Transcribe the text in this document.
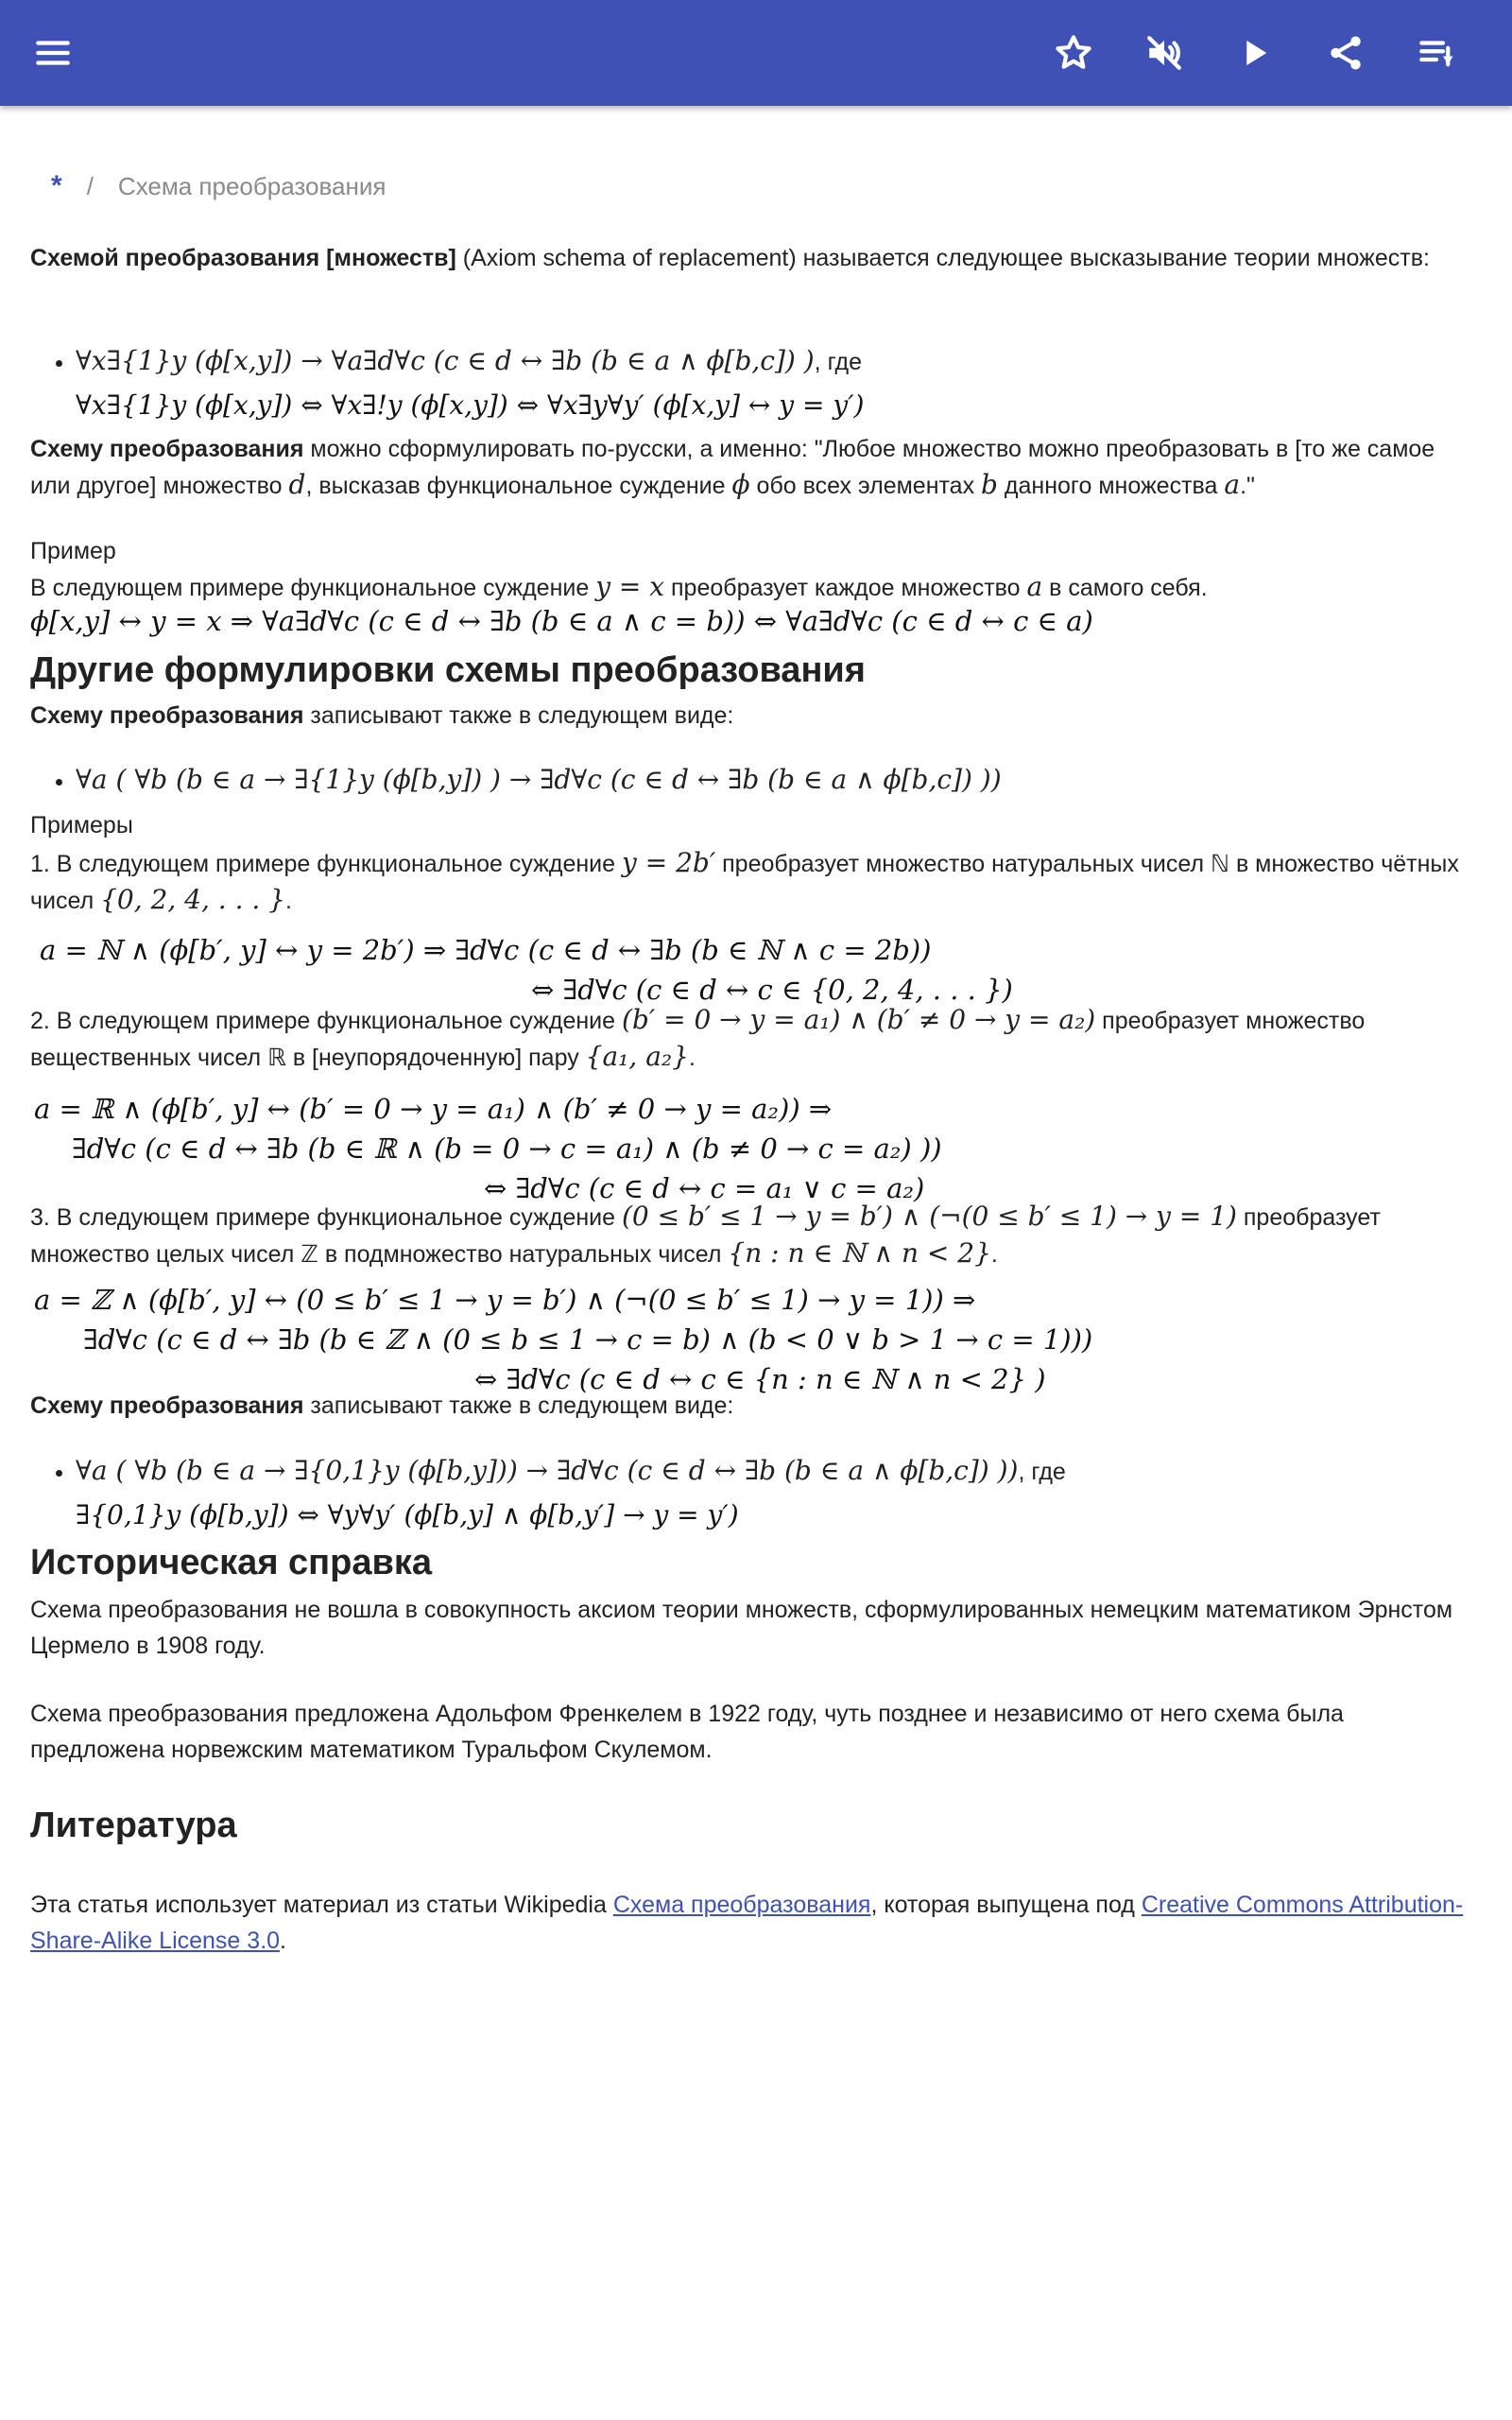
* / Схема преобразования

Схемой преобразования [множеств] (Axiom schema of replacement) называется следующее высказывание теории множеств:

• ∀x∃{1}y (ϕ[x,y]) → ∀a∃d∀c (c ∈ d ↔ ∃b (b ∈ a ∧ ϕ[b,c]) ), где
∀x∃{1}y (ϕ[x,y]) ⇔ ∀x∃!y (ϕ[x,y]) ⇔ ∀x∃y∀y′ (ϕ[x,y] ↔ y = y′)

Схему преобразования можно сформулировать по-русски, а именно: "Любое множество можно преобразовать в [то же самое или другое] множество d, высказав функциональное суждение ϕ обо всех элементах b данного множества a."

Пример

В следующем примере функциональное суждение y = x преобразует каждое множество a в самого себя.

ϕ[x,y] ↔ y = x ⇒ ∀a∃d∀c (c ∈ d ↔ ∃b (b ∈ a ∧ c = b)) ⇔ ∀a∃d∀c (c ∈ d ↔ c ∈ a)
Другие формулировки схемы преобразования

Схему преобразования записывают также в следующем виде:

• ∀a ( ∀b (b ∈ a → ∃{1}y (ϕ[b,y]) ) → ∃d∀c (c ∈ d ↔ ∃b (b ∈ a ∧ ϕ[b,c]) ))

Примеры

1. В следующем примере функциональное суждение y = 2b′ преобразует множество натуральных чисел ℕ в множество чётных чисел {0, 2, 4, . . . }.

a = ℕ ∧ (ϕ[b′, y] ↔ y = 2b′) ⇒ ∃d∀c (c ∈ d ↔ ∃b (b ∈ ℕ ∧ c = 2b))
⇔ ∃d∀c (c ∈ d ↔ c ∈ {0, 2, 4, . . . })

2. В следующем примере функциональное суждение (b′ = 0 → y = a₁) ∧ (b′ ≠ 0 → y = a₂) преобразует множество вещественных чисел ℝ в [неупорядоченную] пару {a₁, a₂}.

a = ℝ ∧ (ϕ[b′, y] ↔ (b′ = 0 → y = a₁) ∧ (b′ ≠ 0 → y = a₂)) ⇒
∃d∀c (c ∈ d ↔ ∃b (b ∈ ℝ ∧ (b = 0 → c = a₁) ∧ (b ≠ 0 → c = a₂) ))
⇔ ∃d∀c (c ∈ d ↔ c = a₁ ∨ c = a₂)

3. В следующем примере функциональное суждение (0 ≤ b′ ≤ 1 → y = b′) ∧ (¬(0 ≤ b′ ≤ 1) → y = 1) преобразует множество целых чисел ℤ в подмножество натуральных чисел {n : n ∈ ℕ ∧ n < 2}.

a = ℤ ∧ (ϕ[b′, y] ↔ (0 ≤ b′ ≤ 1 → y = b′) ∧ (¬(0 ≤ b′ ≤ 1) → y = 1)) ⇒
∃d∀c (c ∈ d ↔ ∃b (b ∈ ℤ ∧ (0 ≤ b ≤ 1 → c = b) ∧ (b < 0 ∨ b > 1 → c = 1)))
⇔ ∃d∀c (c ∈ d ↔ c ∈ {n : n ∈ ℕ ∧ n < 2} )

Схему преобразования записывают также в следующем виде:

• ∀a ( ∀b (b ∈ a → ∃{0,1}y (ϕ[b,y])) → ∃d∀c (c ∈ d ↔ ∃b (b ∈ a ∧ ϕ[b,c]) )), где
∃{0,1}y (ϕ[b,y]) ⇔ ∀y∀y′ (ϕ[b,y] ∧ ϕ[b,y′] → y = y′)
Историческая справка

Схема преобразования не вошла в совокупность аксиом теории множеств, сформулированных немецким математиком Эрнстом Цермело в 1908 году.

Схема преобразования предложена Адольфом Френкелем в 1922 году, чуть позднее и независимо от него схема была предложена норвежским математиком Туральфом Скулемом.

Литература

Эта статья использует материал из статьи Wikipedia Схема преобразования, которая выпущена под Creative Commons Attribution-Share-Alike License 3.0.
